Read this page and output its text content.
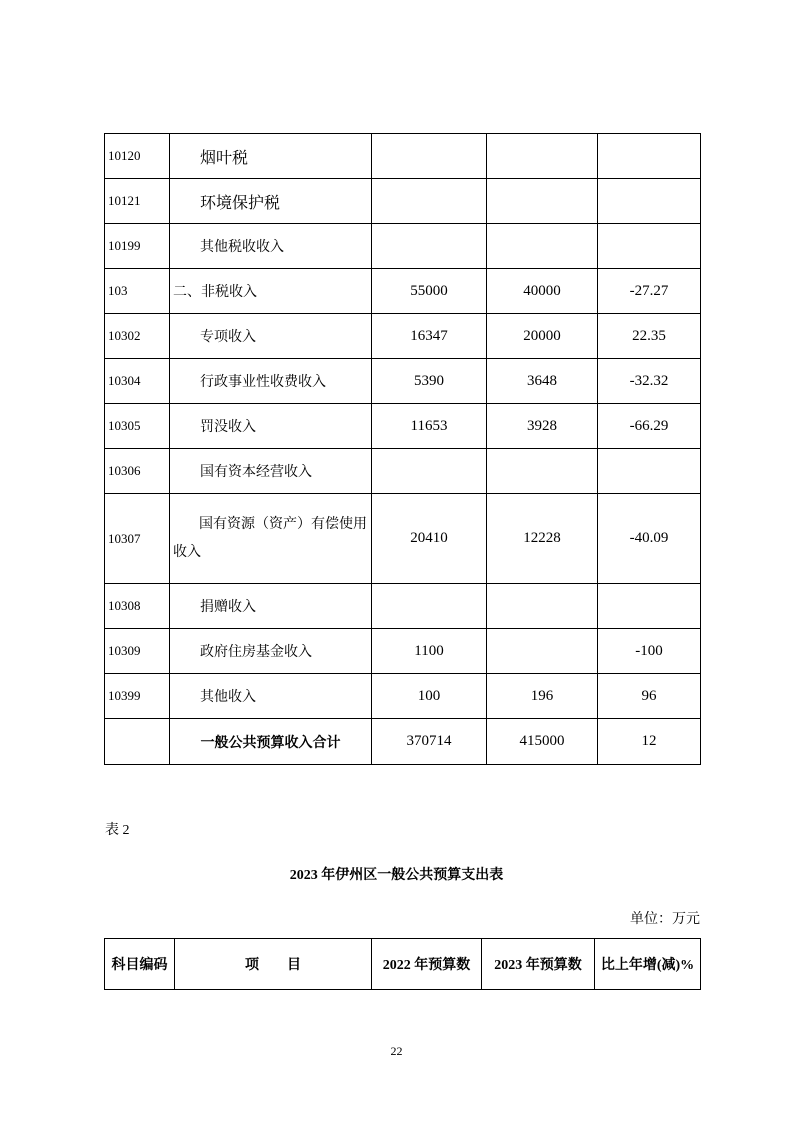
10120	烟叶税			
10121	环境保护税			
10199	其他税收收入			
103	二、非税收入	55000	40000	-27.27
10302	专项收入	16347	20000	22.35
10304	行政事业性收费收入	5390	3648	-32.32
10305	罚没收入	11653	3928	-66.29
10306	国有资本经营收入			
10307	国有资源（资产）有偿使用收入	20410	12228	-40.09
10308	捐赠收入			
10309	政府住房基金收入	1100		-100
10399	其他收入	100	196	96
	一般公共预算收入合计	370714	415000	12
表 2
2023 年伊州区一般公共预算支出表
单位：万元
科目编码	项　　目	2022 年预算数	2023 年预算数	比上年增(减)%
22
